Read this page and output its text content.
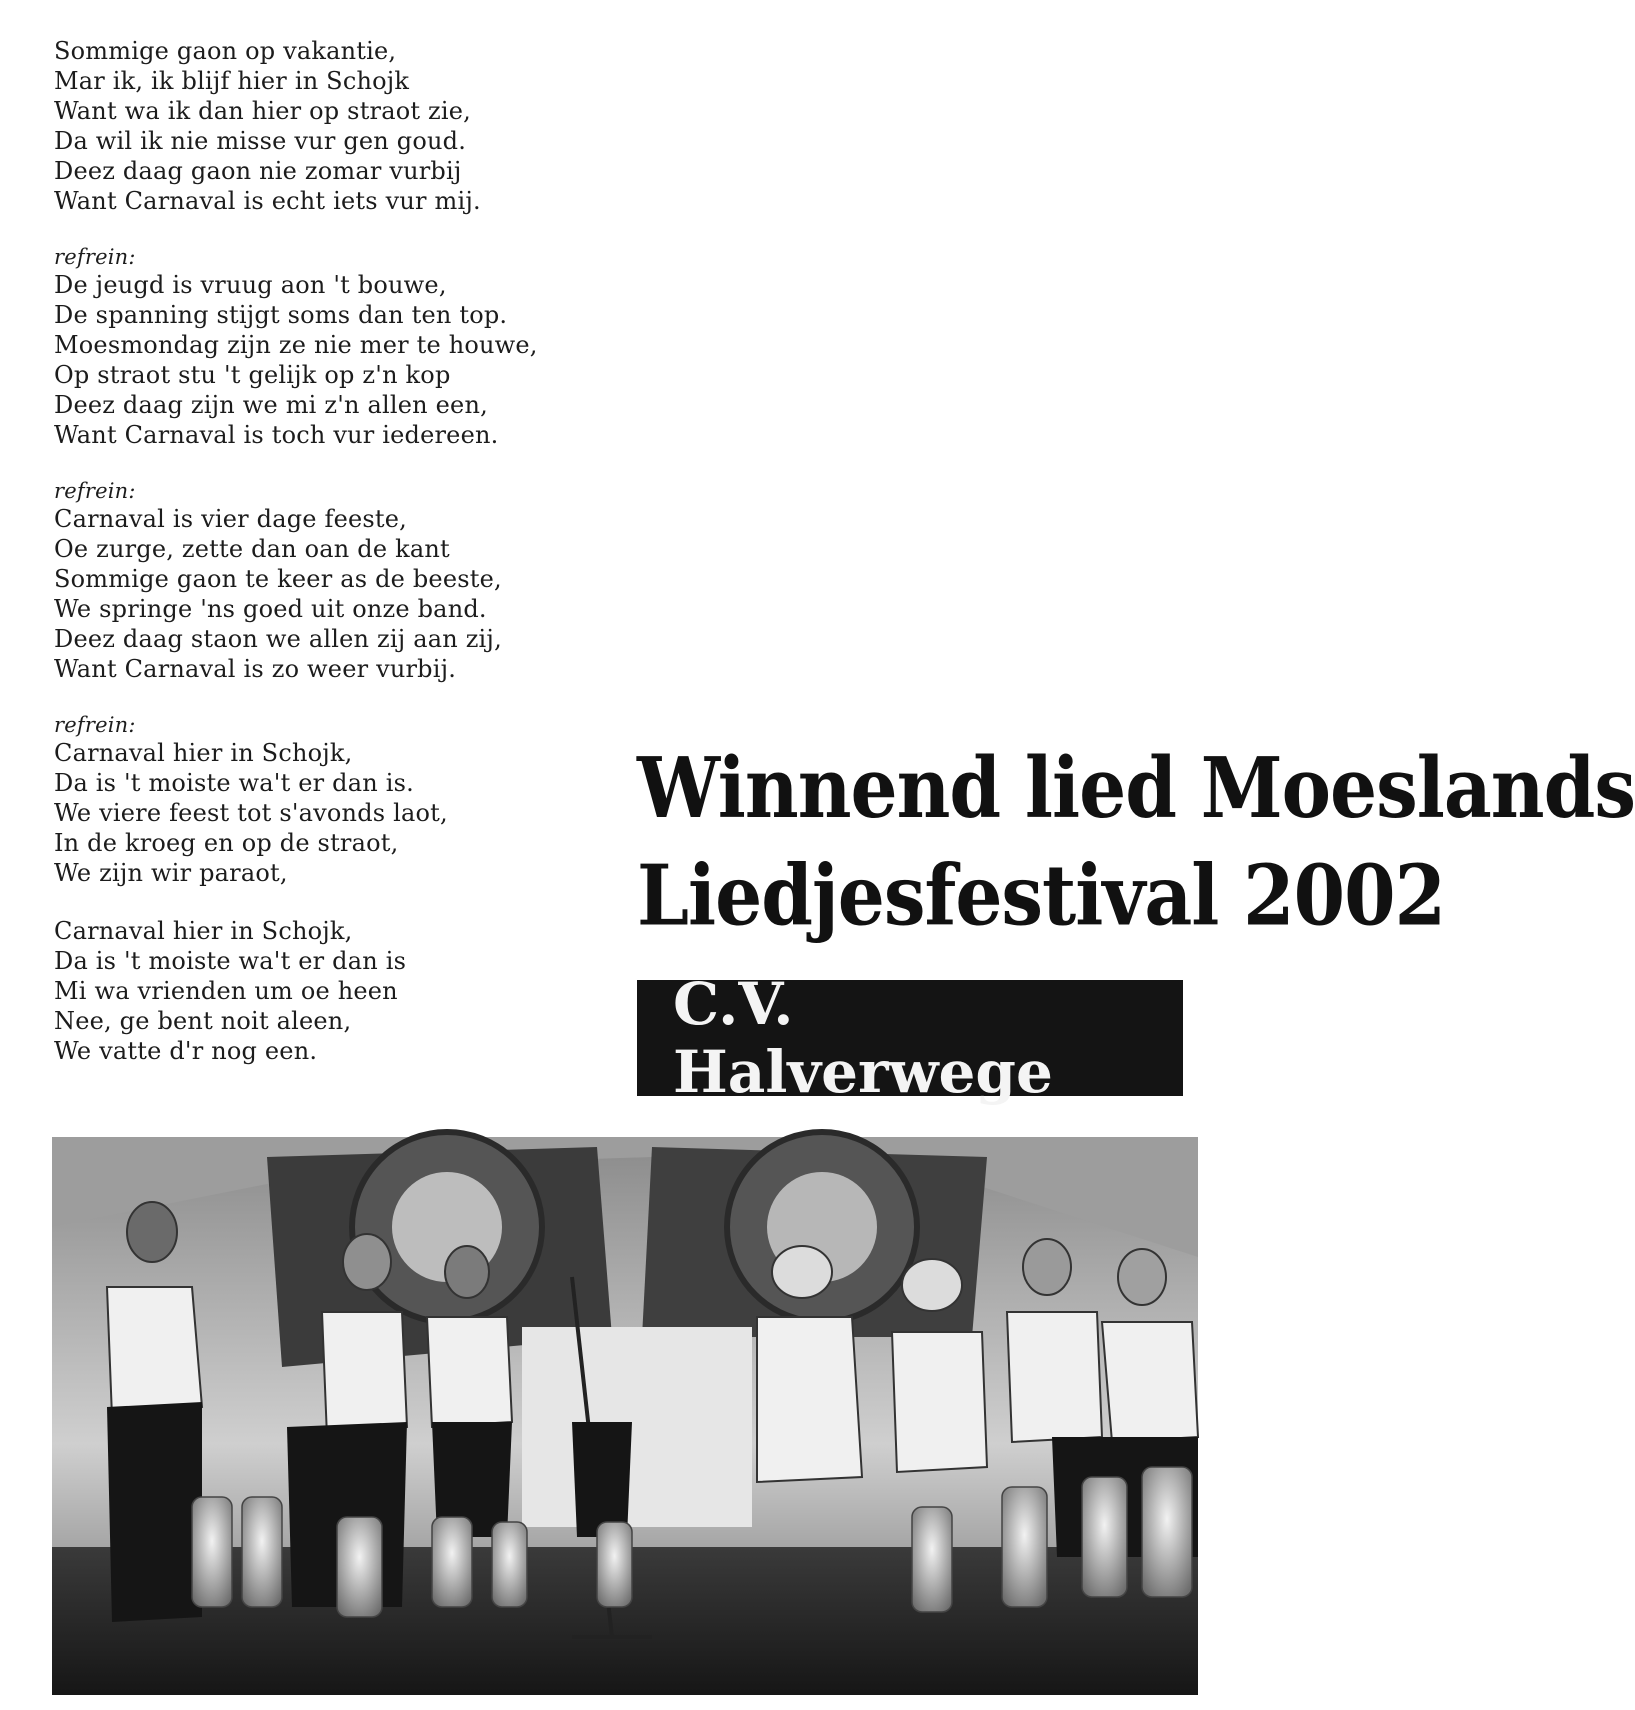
Sommige gaon op vakantie,
Mar ik, ik blijf hier in Schojk
Want wa ik dan hier op straot zie,
Da wil ik nie misse vur gen goud.
Deez daag gaon nie zomar vurbij
Want Carnaval is echt iets vur mij.
refrein:
De jeugd is vruug aon 't bouwe,
De spanning stijgt soms dan ten top.
Moesmondag zijn ze nie mer te houwe,
Op straot stu 't gelijk op z'n kop
Deez daag zijn we mi z'n allen een,
Want Carnaval is toch vur iedereen.
refrein:
Carnaval is vier dage feeste,
Oe zurge, zette dan oan de kant
Sommige gaon te keer as de beeste,
We springe 'ns goed uit onze band.
Deez daag staon we allen zij aan zij,
Want Carnaval is zo weer vurbij.
refrein:
Carnaval hier in Schojk,
Da is 't moiste wa't er dan is.
We viere feest tot s'avonds laot,
In de kroeg en op de straot,
We zijn wir paraot,
Carnaval hier in Schojk,
Da is 't moiste wa't er dan is
Mi wa vrienden um oe heen
Nee, ge bent noit aleen,
We vatte d'r nog een.
Winnend lied Moeslands
Liedjesfestival 2002
C.V. Halverwege
